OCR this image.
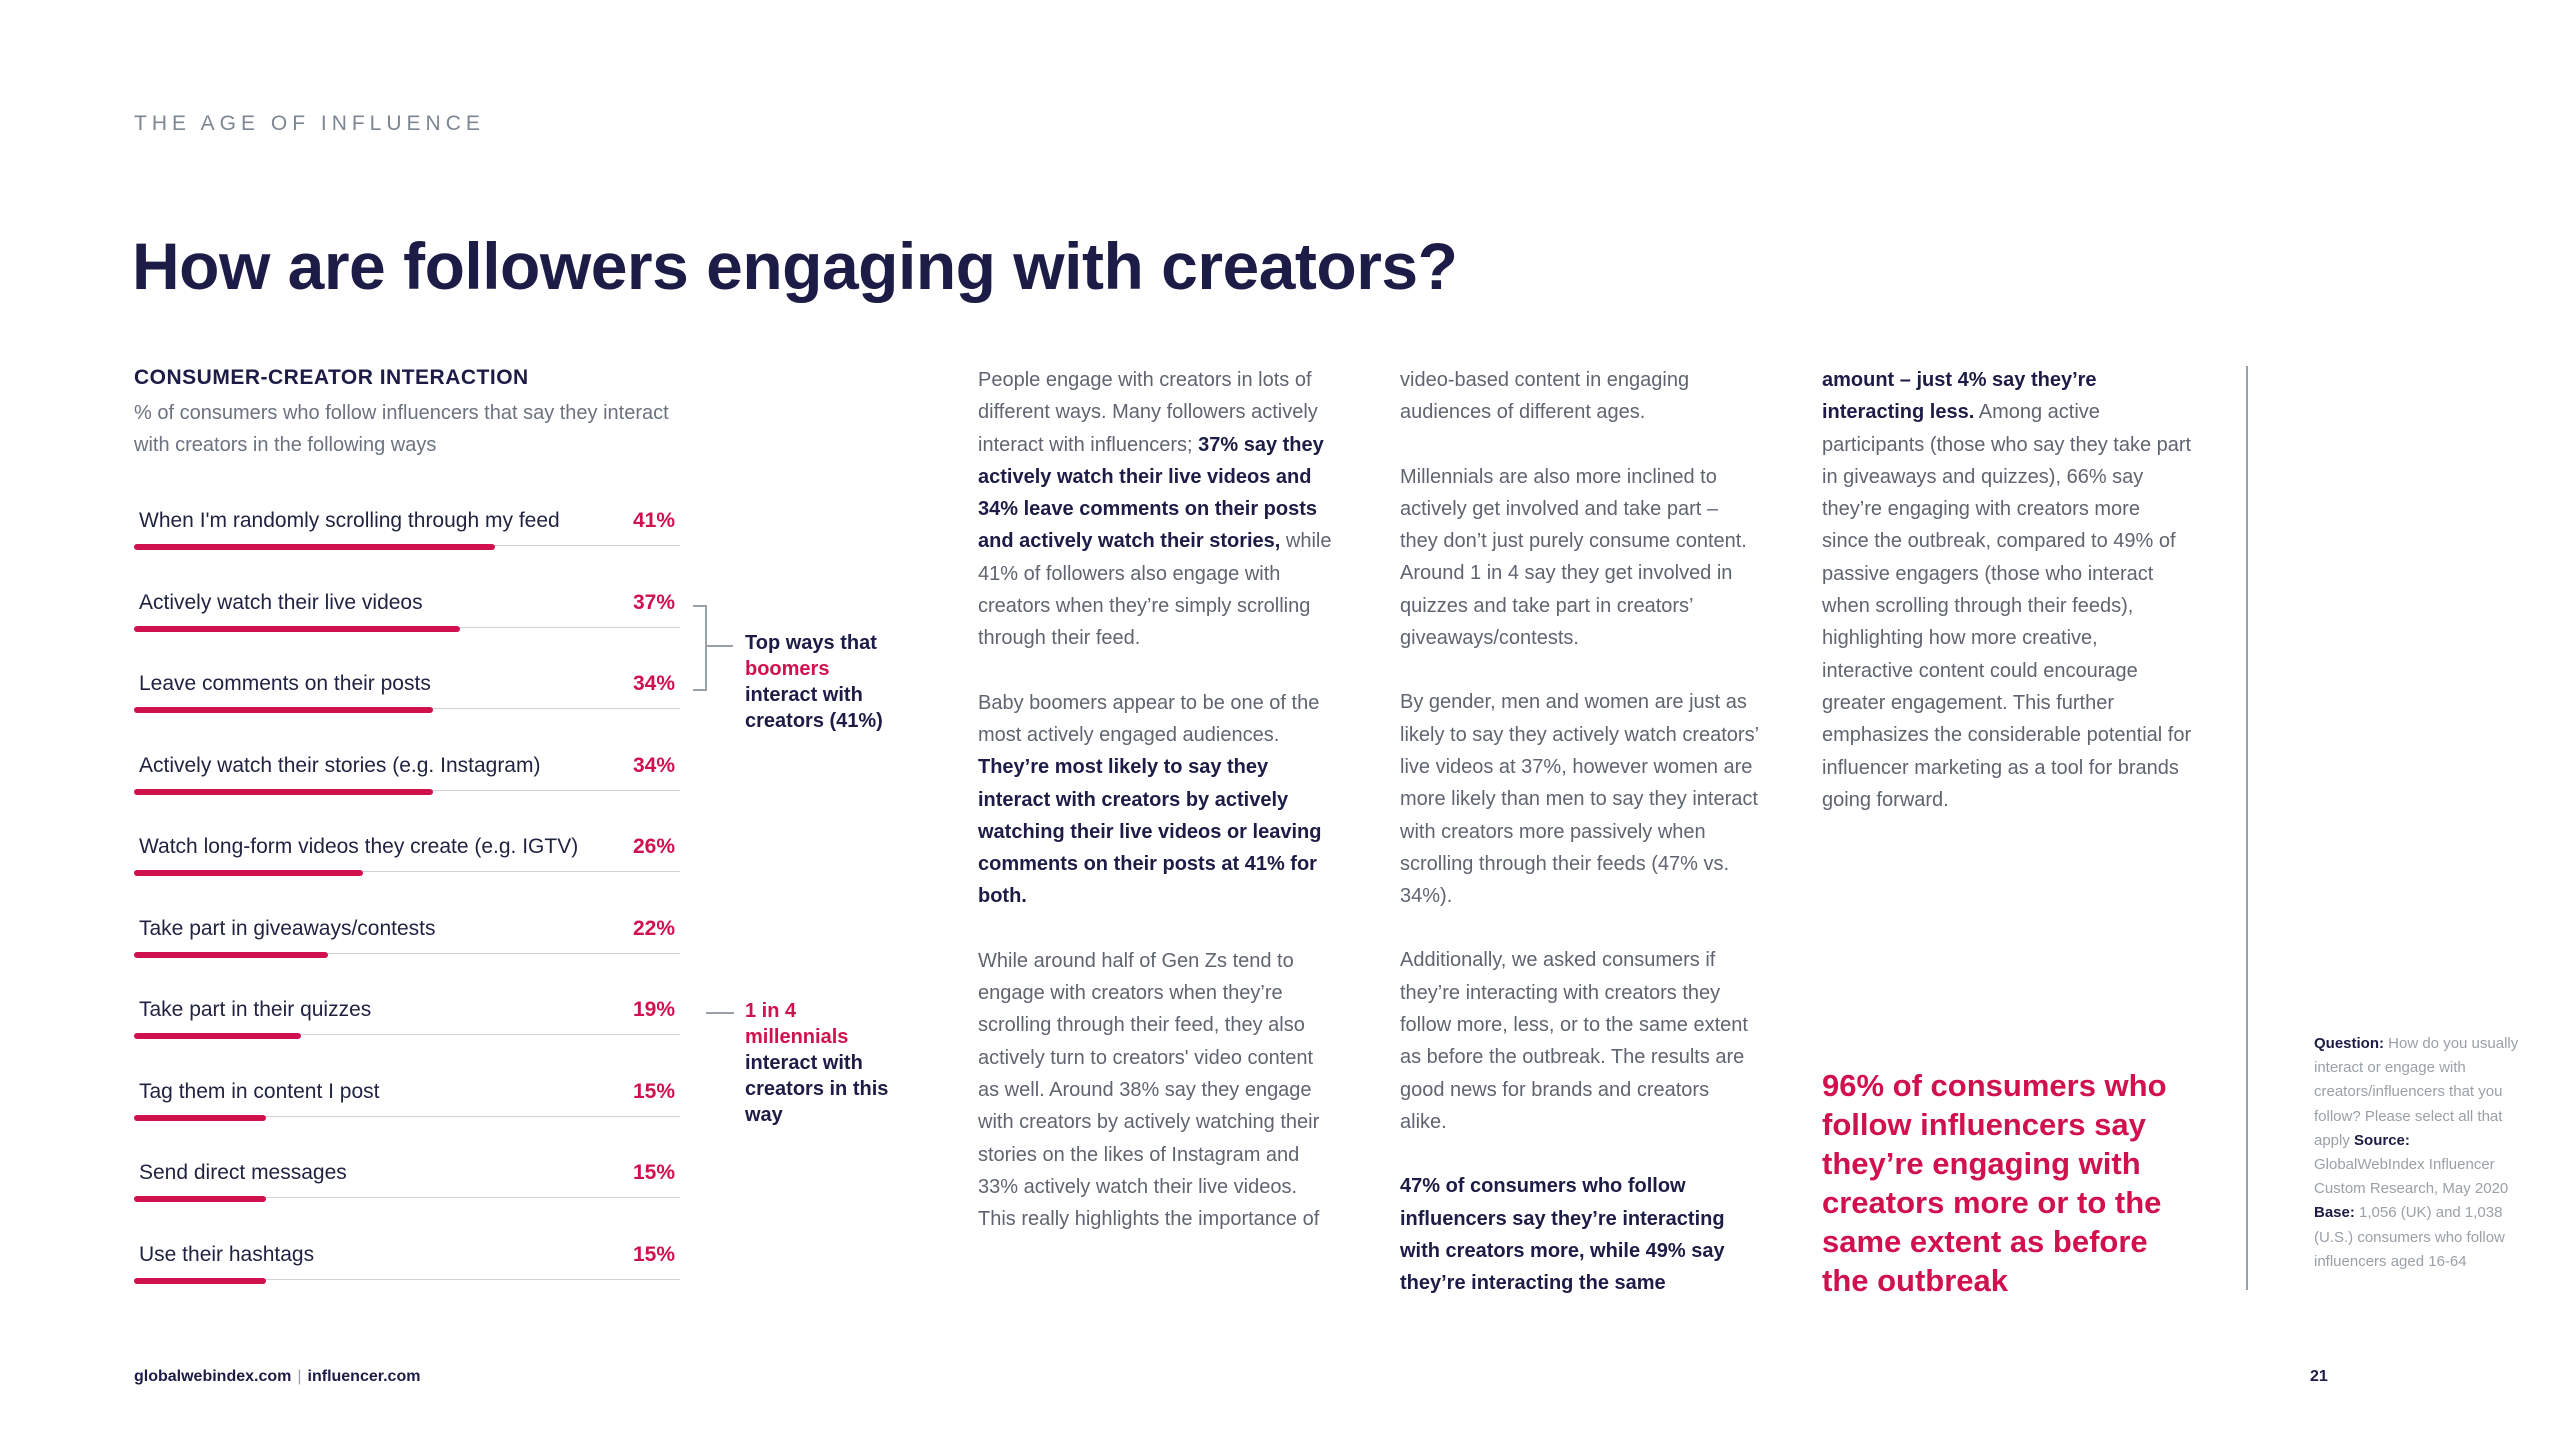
THE AGE OF INFLUENCE
How are followers engaging with creators?
CONSUMER-CREATOR INTERACTION
% of consumers who follow influencers that say they interact with creators in the following ways
When I'm randomly scrolling through my feed	41%
Actively watch their live videos	37%
Leave comments on their posts	34%
Actively watch their stories (e.g. Instagram)	34%
Watch long-form videos they create (e.g. IGTV)	26%
Take part in giveaways/contests	22%
Take part in their quizzes	19%
Tag them in content I post	15%
Send direct messages	15%
Use their hashtags	15%
Top ways that boomers interact with creators (41%)
1 in 4 millennials interact with creators in this way

People engage with creators in lots of different ways. Many followers actively interact with influencers; 37% say they actively watch their live videos and 34% leave comments on their posts and actively watch their stories, while 41% of followers also engage with creators when they’re simply scrolling through their feed.

Baby boomers appear to be one of the most actively engaged audiences. They’re most likely to say they interact with creators by actively watching their live videos or leaving comments on their posts at 41% for both.

While around half of Gen Zs tend to engage with creators when they’re scrolling through their feed, they also actively turn to creators' video content as well. Around 38% say they engage with creators by actively watching their stories on the likes of Instagram and 33% actively watch their live videos. This really highlights the importance of

video-based content in engaging audiences of different ages.

Millennials are also more inclined to actively get involved and take part – they don’t just purely consume content. Around 1 in 4 say they get involved in quizzes and take part in creators’ giveaways/contests.

By gender, men and women are just as likely to say they actively watch creators’ live videos at 37%, however women are more likely than men to say they interact with creators more passively when scrolling through their feeds (47% vs. 34%).

Additionally, we asked consumers if they’re interacting with creators they follow more, less, or to the same extent as before the outbreak. The results are good news for brands and creators alike.

47% of consumers who follow influencers say they’re interacting with creators more, while 49% say they’re interacting the same

amount – just 4% say they’re interacting less. Among active participants (those who say they take part in giveaways and quizzes), 66% say they’re engaging with creators more since the outbreak, compared to 49% of passive engagers (those who interact when scrolling through their feeds), highlighting how more creative, interactive content could encourage greater engagement. This further emphasizes the considerable potential for influencer marketing as a tool for brands going forward.

96% of consumers who follow influencers say they’re engaging with creators more or to the same extent as before the outbreak
Question: How do you usually interact or engage with creators/influencers that you follow? Please select all that apply Source: GlobalWebIndex Influencer Custom Research, May 2020 Base: 1,056 (UK) and 1,038 (U.S.) consumers who follow influencers aged 16-64
globalwebindex.com | influencer.com	21
